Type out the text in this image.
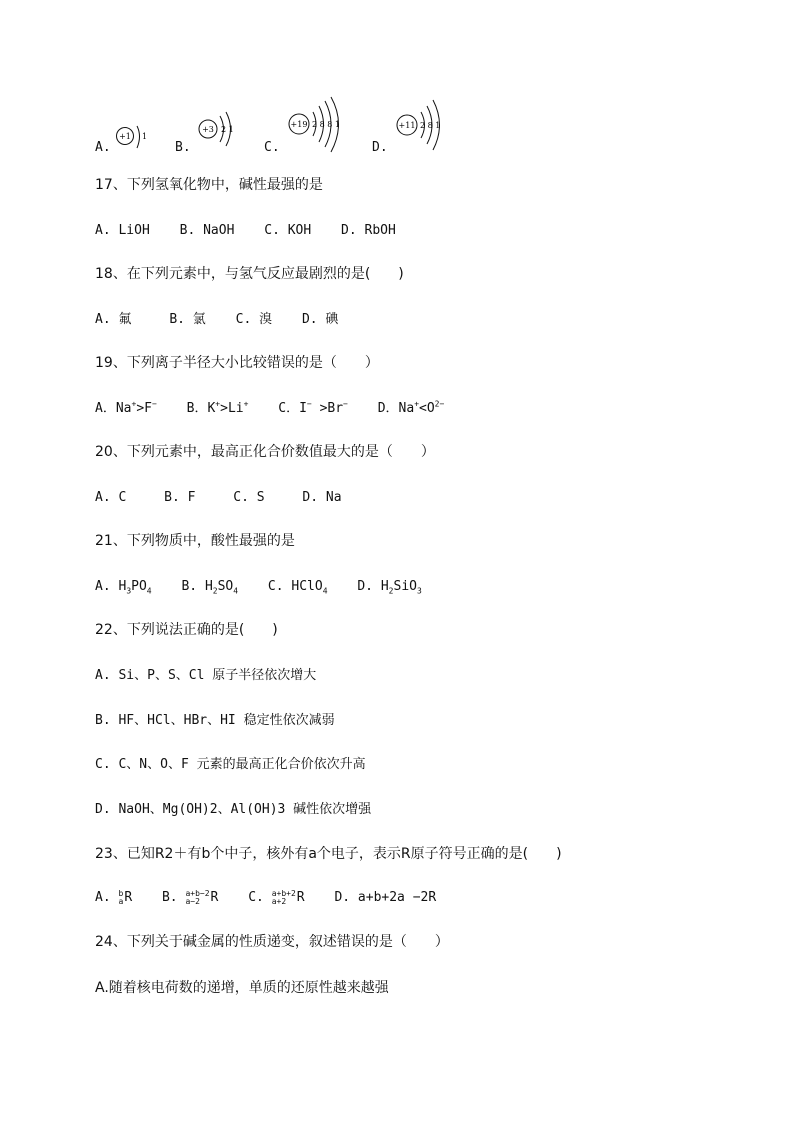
A.
+1 1
B.
+3 2 1
C.
+19 2 8 8 1
D.
+11 2 8 1
17、下列氢氧化物中，碱性最强的是
A. LiOH B. NaOH C. KOH D. RbOH
18、在下列元素中，与氢气反应最剧烈的是(　　)
A. 氟	B. 氯 C. 溴 D. 碘
19、下列离子半径大小比较错误的是（　　）
A．Na+>F− B．K+>Li+ C．I− >Br− D．$Na^+<O^{2-}$
20、下列元素中，最高正化合价数值最大的是（　　）
A. C	B. F	C. S	D. Na
21、下列物质中，酸性最强的是
A. $H_3PO_4$ B. $H_2SO_4$ C. HClO$_4$ D. $H_2SiO_3$
22、下列说法正确的是(　　)
A. Si、P、S、Cl 原子半径依次增大
B. HF、HCl、HBr、HI 稳定性依次减弱
C. C、N、O、F 元素的最高正化合价依次升高
D. NaOH、Mg(OH)2、Al(OH)3 碱性依次增强
23、已知R2＋有b个中子，核外有a个电子，表示R原子符号正确的是(　　)
A. b
a R B. a+b−2
a−2 R C. a+b+2
a+2 R D. a+b+2a −2R
24、下列关于碱金属的性质递变，叙述错误的是（　　）
A.随着核电荷数的递增，单质的还原性越来越强
